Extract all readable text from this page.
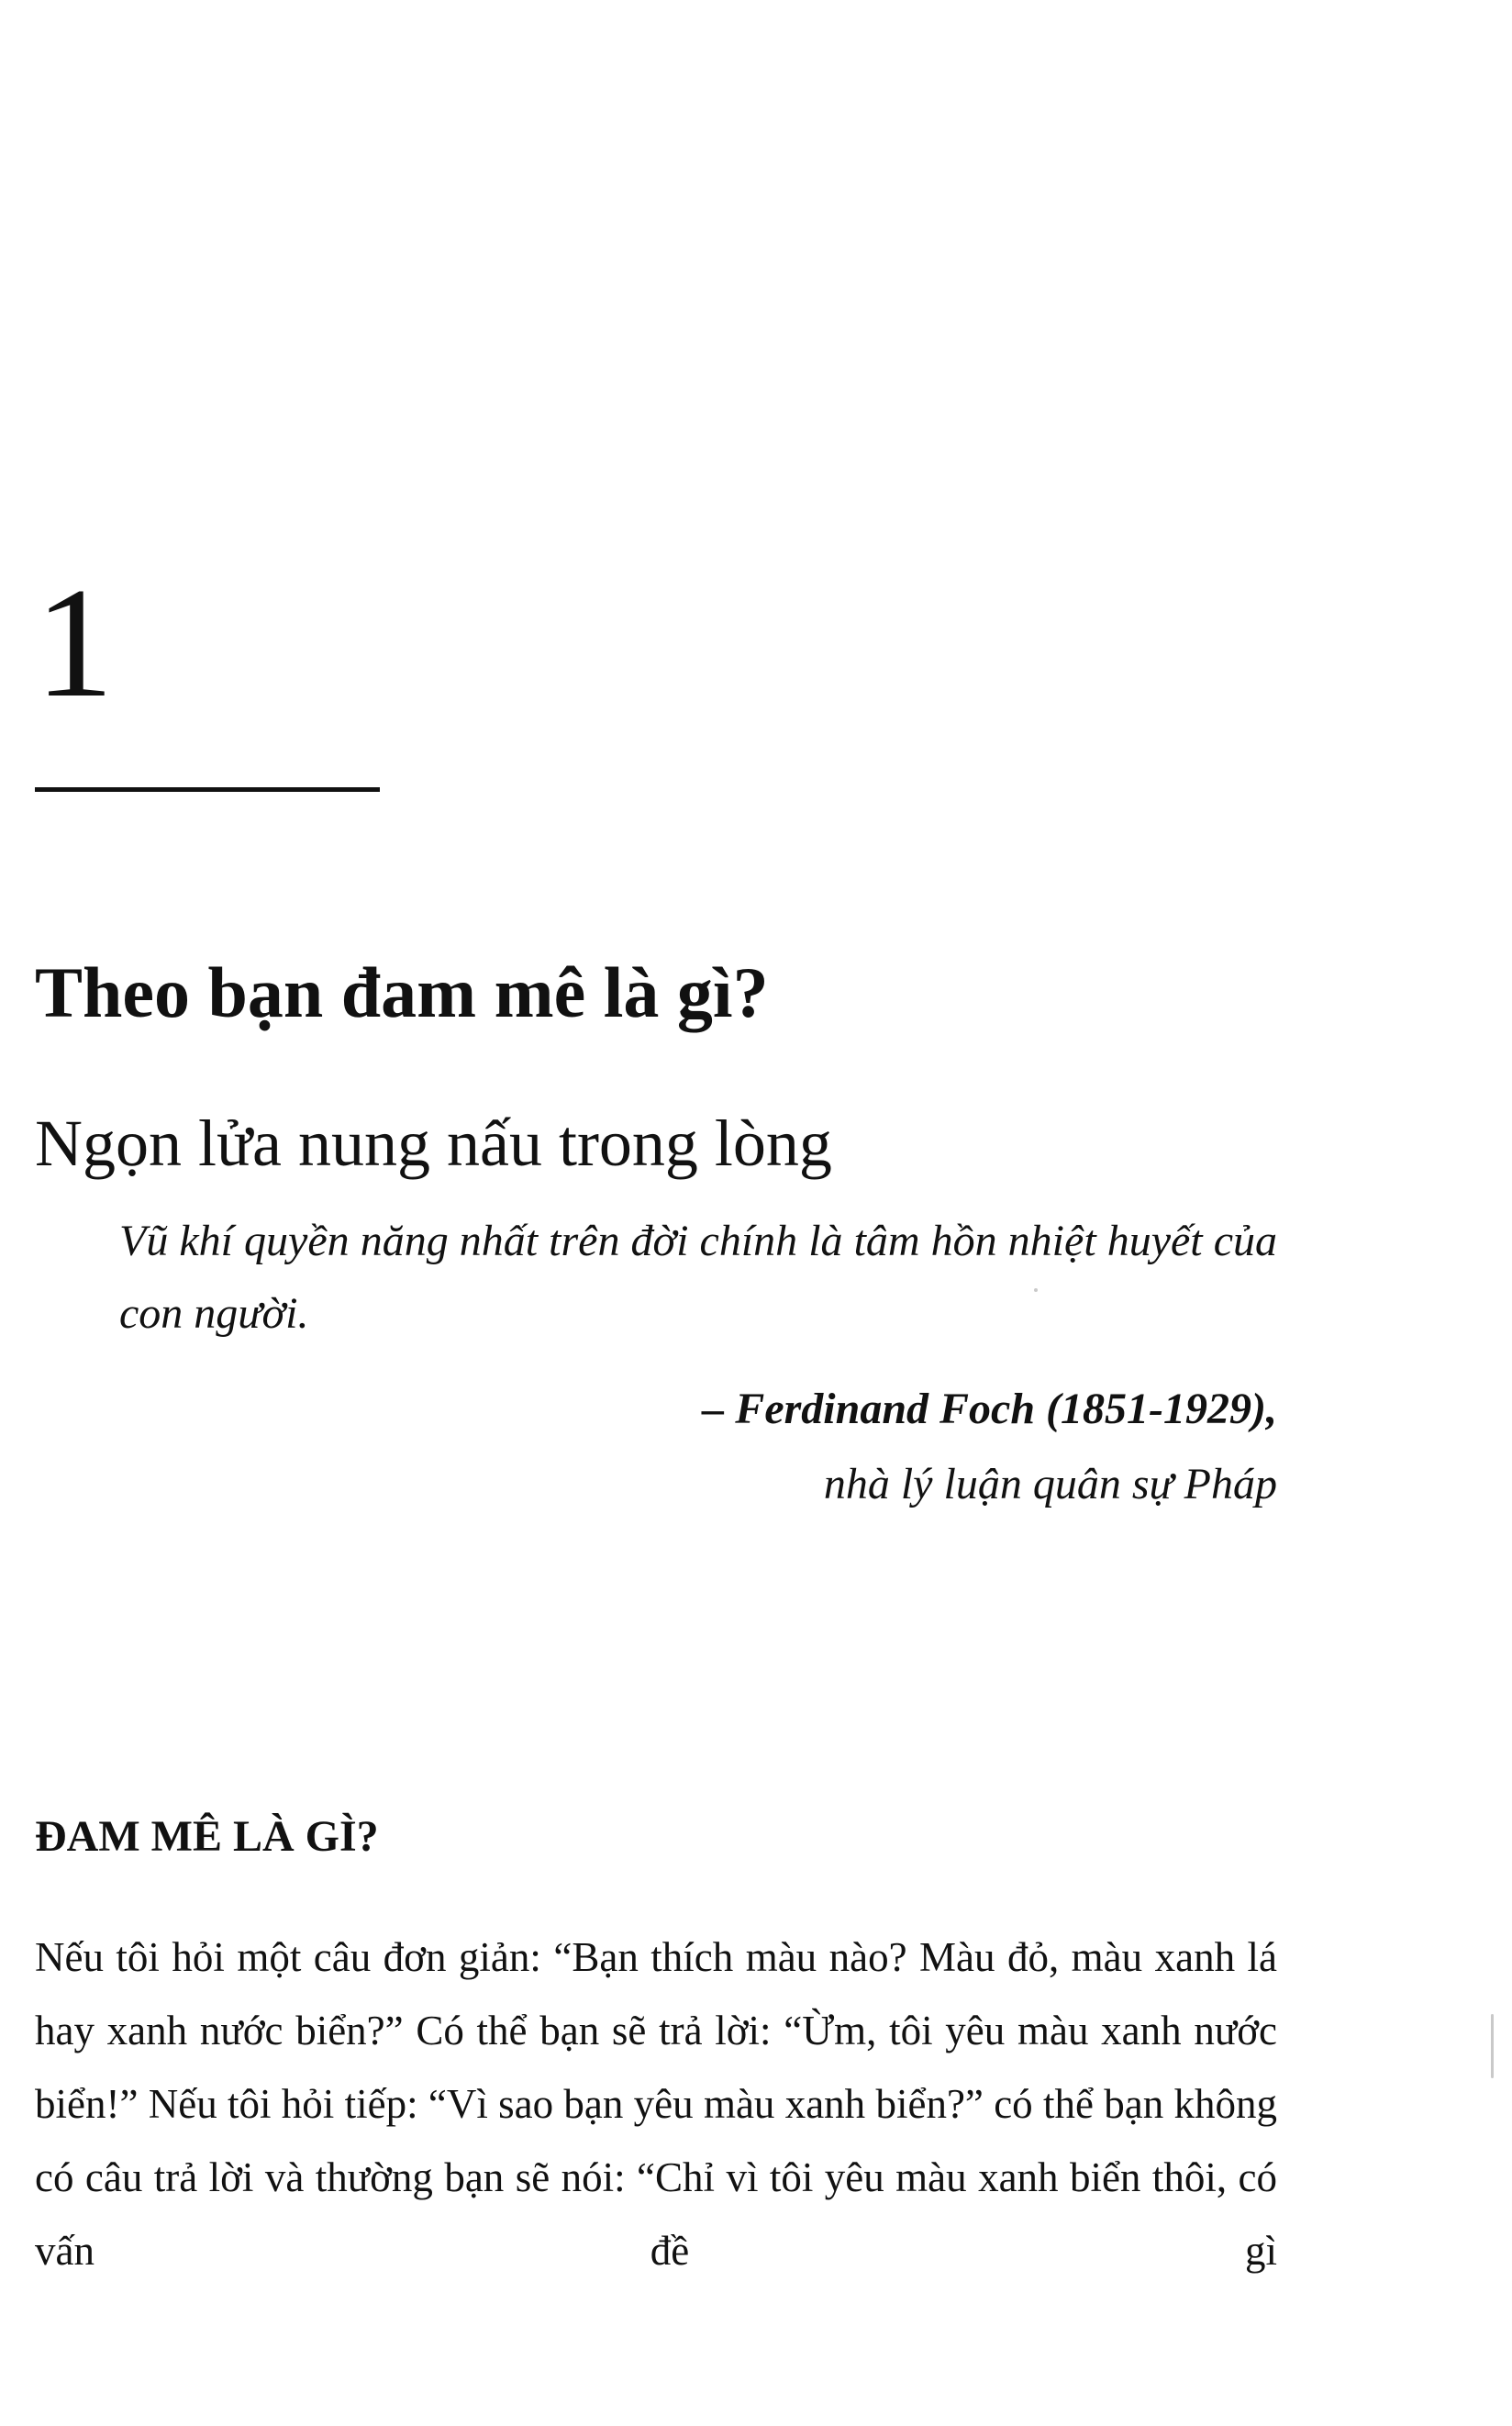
1
Theo bạn đam mê là gì?
Ngọn lửa nung nấu trong lòng
Vũ khí quyền năng nhất trên đời chính là tâm hồn nhiệt huyết của con người.
– Ferdinand Foch (1851-1929),
nhà lý luận quân sự Pháp
ĐAM MÊ LÀ GÌ?

Nếu tôi hỏi một câu đơn giản: “Bạn thích màu nào? Màu đỏ, màu xanh lá hay xanh nước biển?” Có thể bạn sẽ trả lời: “Ừm, tôi yêu màu xanh nước biển!” Nếu tôi hỏi tiếp: “Vì sao bạn yêu màu xanh biển?” có thể bạn không có câu trả lời và thường bạn sẽ nói: “Chỉ vì tôi yêu màu xanh biển thôi, có vấn đề gì
